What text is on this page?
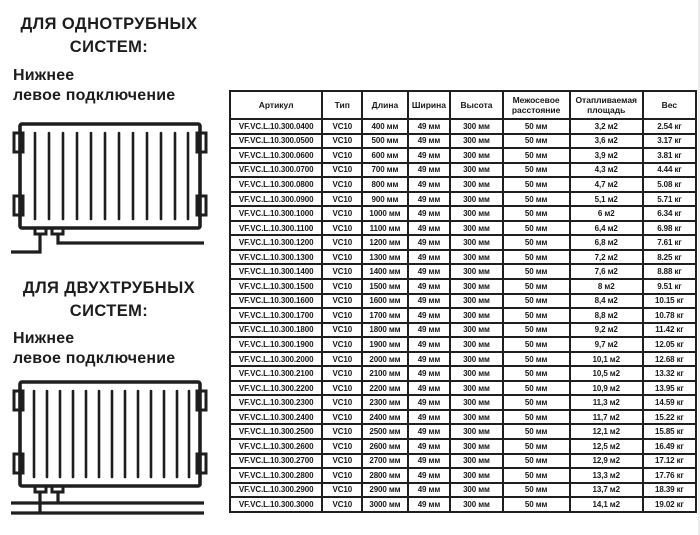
ДЛЯ ОДНОТРУБНЫХ
СИСТЕМ:
Нижнее
левое подключение
ДЛЯ ДВУХТРУБНЫХ
СИСТЕМ:
Нижнее
левое подключение
Артикул	Тип	Длина	Ширина	Высота	Межосевое расстояние	Отапливаемая площадь	Вес
VF.VC.L.10.300.0400	VC10	400 мм	49 мм	300 мм	50 мм	3,2 м2	2.54 кг
VF.VC.L.10.300.0500	VC10	500 мм	49 мм	300 мм	50 мм	3,6 м2	3.17 кг
VF.VC.L.10.300.0600	VC10	600 мм	49 мм	300 мм	50 мм	3,9 м2	3.81 кг
VF.VC.L.10.300.0700	VC10	700 мм	49 мм	300 мм	50 мм	4,3 м2	4.44 кг
VF.VC.L.10.300.0800	VC10	800 мм	49 мм	300 мм	50 мм	4,7 м2	5.08 кг
VF.VC.L.10.300.0900	VC10	900 мм	49 мм	300 мм	50 мм	5,1 м2	5.71 кг
VF.VC.L.10.300.1000	VC10	1000 мм	49 мм	300 мм	50 мм	6 м2	6.34 кг
VF.VC.L.10.300.1100	VC10	1100 мм	49 мм	300 мм	50 мм	6,4 м2	6.98 кг
VF.VC.L.10.300.1200	VC10	1200 мм	49 мм	300 мм	50 мм	6,8 м2	7.61 кг
VF.VC.L.10.300.1300	VC10	1300 мм	49 мм	300 мм	50 мм	7,2 м2	8.25 кг
VF.VC.L.10.300.1400	VC10	1400 мм	49 мм	300 мм	50 мм	7,6 м2	8.88 кг
VF.VC.L.10.300.1500	VC10	1500 мм	49 мм	300 мм	50 мм	8 м2	9.51 кг
VF.VC.L.10.300.1600	VC10	1600 мм	49 мм	300 мм	50 мм	8,4 м2	10.15 кг
VF.VC.L.10.300.1700	VC10	1700 мм	49 мм	300 мм	50 мм	8,8 м2	10.78 кг
VF.VC.L.10.300.1800	VC10	1800 мм	49 мм	300 мм	50 мм	9,2 м2	11.42 кг
VF.VC.L.10.300.1900	VC10	1900 мм	49 мм	300 мм	50 мм	9,7 м2	12.05 кг
VF.VC.L.10.300.2000	VC10	2000 мм	49 мм	300 мм	50 мм	10,1 м2	12.68 кг
VF.VC.L.10.300.2100	VC10	2100 мм	49 мм	300 мм	50 мм	10,5 м2	13.32 кг
VF.VC.L.10.300.2200	VC10	2200 мм	49 мм	300 мм	50 мм	10,9 м2	13.95 кг
VF.VC.L.10.300.2300	VC10	2300 мм	49 мм	300 мм	50 мм	11,3 м2	14.59 кг
VF.VC.L.10.300.2400	VC10	2400 мм	49 мм	300 мм	50 мм	11,7 м2	15.22 кг
VF.VC.L.10.300.2500	VC10	2500 мм	49 мм	300 мм	50 мм	12,1 м2	15.85 кг
VF.VC.L.10.300.2600	VC10	2600 мм	49 мм	300 мм	50 мм	12,5 м2	16.49 кг
VF.VC.L.10.300.2700	VC10	2700 мм	49 мм	300 мм	50 мм	12,9 м2	17.12 кг
VF.VC.L.10.300.2800	VC10	2800 мм	49 мм	300 мм	50 мм	13,3 м2	17.76 кг
VF.VC.L.10.300.2900	VC10	2900 мм	49 мм	300 мм	50 мм	13,7 м2	18.39 кг
VF.VC.L.10.300.3000	VC10	3000 мм	49 мм	300 мм	50 мм	14,1 м2	19.02 кг
